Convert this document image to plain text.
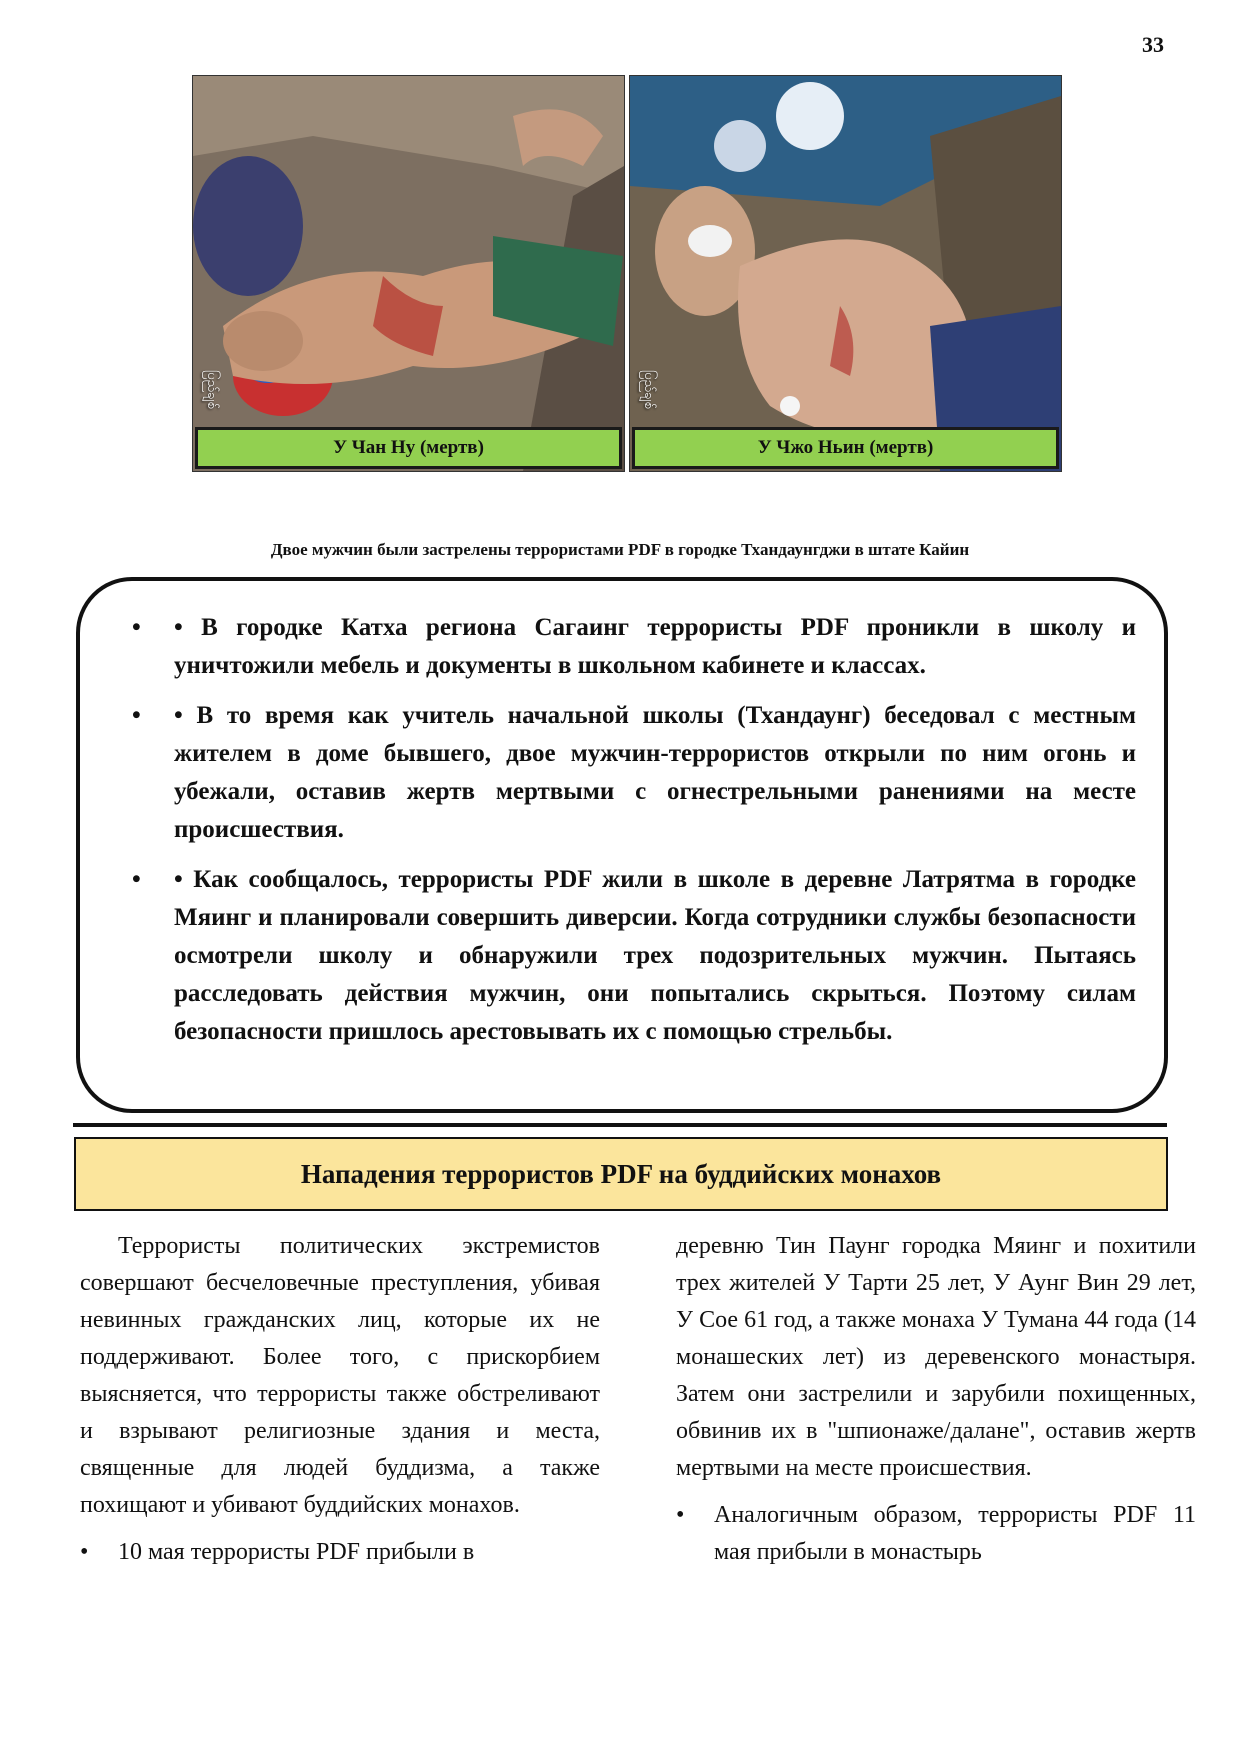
33
ပြည်ချစ်
У Чан Ну (мертв)
ပြည်ချစ်
У Чжо Ньин (мертв)
Двое мужчин были застрелены террористами PDF в городке Тхандаунгджи в штате Кайин
• • В городке Катха региона Сагаинг террористы PDF проникли в школу и уничтожили мебель и документы в школьном кабинете и классах.
• • В то время как учитель начальной школы (Тхандаунг) беседовал с местным жителем в доме бывшего, двое мужчин-террористов открыли по ним огонь и убежали, оставив жертв мертвыми с огнестрельными ранениями на месте происшествия.
• • Как сообщалось, террористы PDF жили в школе в деревне Латрятма в городке Мяинг и планировали совершить диверсии. Когда сотрудники службы безопасности осмотрели школу и обнаружили трех подозрительных мужчин. Пытаясь расследовать действия мужчин, они попытались скрыться. Поэтому силам безопасности пришлось арестовывать их с помощью стрельбы.
Нападения террористов PDF на буддийских монахов

Террористы политических экстремистов совершают бесчеловечные преступления, убивая невинных гражданских лиц, которые их не поддерживают. Более того, с прискорбием выясняется, что террористы также обстреливают и взрывают религиозные здания и места, священные для людей буддизма, а также похищают и убивают буддийских монахов.

• 10 мая террористы PDF прибыли в

деревню Тин Паунг городка Мяинг и похитили трех жителей У Тарти 25 лет, У Аунг Вин 29 лет, У Сое 61 год, а также монаха У Тумана 44 года (14 монашеских лет) из деревенского монастыря. Затем они застрелили и зарубили похищенных, обвинив их в "шпионаже/далане", оставив жертв мертвыми на месте происшествия.

• Аналогичным образом, террористы PDF 11 мая прибыли в монастырь
